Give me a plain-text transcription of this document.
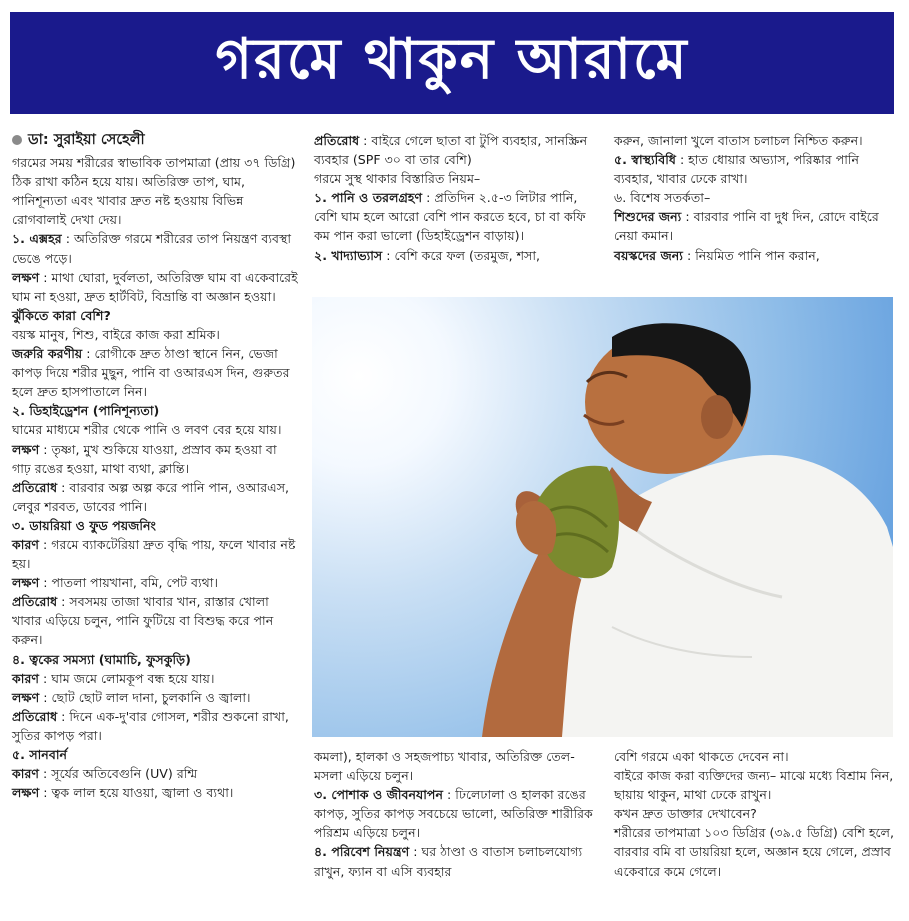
গরমে থাকুন আরামে

ডা: সুরাইয়া সেহেলী

গরমের সময় শরীরের স্বাভাবিক তাপমাত্রা (প্রায় ৩৭ ডিগ্রি) ঠিক রাখা কঠিন হয়ে যায়। অতিরিক্ত তাপ, ঘাম, পানিশূন্যতা এবং খাবার দ্রুত নষ্ট হওয়ায় বিভিন্ন রোগবালাই দেখা দেয়।

১. এক্সহর : অতিরিক্ত গরমে শরীরের তাপ নিয়ন্ত্রণ ব্যবস্থা ভেঙে পড়ে।

লক্ষণ : মাথা ঘোরা, দুর্বলতা, অতিরিক্ত ঘাম বা একেবারেই ঘাম না হওয়া, দ্রুত হার্টবিট, বিভ্রান্তি বা অজ্ঞান হওয়া।

ঝুঁকিতে কারা বেশি?

বয়স্ক মানুষ, শিশু, বাইরে কাজ করা শ্রমিক।

জরুরি করণীয় : রোগীকে দ্রুত ঠাণ্ডা স্থানে নিন, ভেজা কাপড় দিয়ে শরীর মুছুন, পানি বা ওআরএস দিন, গুরুতর হলে দ্রুত হাসপাতালে নিন।

২. ডিহাইড্রেশন (পানিশূন্যতা)

ঘামের মাধ্যমে শরীর থেকে পানি ও লবণ বের হয়ে যায়।

লক্ষণ : তৃষ্ণা, মুখ শুকিয়ে যাওয়া, প্রস্রাব কম হওয়া বা গাঢ় রঙের হওয়া, মাথা ব্যথা, ক্লান্তি।

প্রতিরোধ : বারবার অল্প অল্প করে পানি পান, ওআরএস, লেবুর শরবত, ডাবের পানি।

৩. ডায়রিয়া ও ফুড পয়জনিং

কারণ : গরমে ব্যাকটেরিয়া দ্রুত বৃদ্ধি পায়, ফলে খাবার নষ্ট হয়।

লক্ষণ : পাতলা পায়খানা, বমি, পেট ব্যথা।

প্রতিরোধ : সবসময় তাজা খাবার খান, রাস্তার খোলা খাবার এড়িয়ে চলুন, পানি ফুটিয়ে বা বিশুদ্ধ করে পান করুন।

৪. ত্বকের সমস্যা (ঘামাচি, ফুসকুড়ি)

কারণ : ঘাম জমে লোমকূপ বন্ধ হয়ে যায়।

লক্ষণ : ছোট ছোট লাল দানা, চুলকানি ও জ্বালা।

প্রতিরোধ : দিনে এক-দু'বার গোসল, শরীর শুকনো রাখা, সুতির কাপড় পরা।

৫. সানবার্ন

কারণ : সূর্যের অতিবেগুনি (UV) রশ্মি

লক্ষণ : ত্বক লাল হয়ে যাওয়া, জ্বালা ও ব্যথা।

প্রতিরোধ : বাইরে গেলে ছাতা বা টুপি ব্যবহার, সানস্ক্রিন ব্যবহার (SPF ৩০ বা তার বেশি)

গরমে সুস্থ থাকার বিস্তারিত নিয়ম–

১. পানি ও তরলগ্রহণ : প্রতিদিন ২.৫-৩ লিটার পানি, বেশি ঘাম হলে আরো বেশি পান করতে হবে, চা বা কফি কম পান করা ভালো (ডিহাইড্রেশন বাড়ায়)।

২. খাদ্যাভ্যাস : বেশি করে ফল (তরমুজ, শসা,

করুন, জানালা খুলে বাতাস চলাচল নিশ্চিত করুন।

৫. স্বাস্থ্যবিধি : হাত ধোয়ার অভ্যাস, পরিষ্কার পানি ব্যবহার, খাবার ঢেকে রাখা।

৬. বিশেষ সতর্কতা–

শিশুদের জন্য : বারবার পানি বা দুধ দিন, রোদে বাইরে নেয়া কমান।

বয়স্কদের জন্য : নিয়মিত পানি পান করান,

কমলা), হালকা ও সহজপাচ্য খাবার, অতিরিক্ত তেল-মসলা এড়িয়ে চলুন।

৩. পোশাক ও জীবনযাপন : ঢিলেঢালা ও হালকা রঙের কাপড়, সুতির কাপড় সবচেয়ে ভালো, অতিরিক্ত শারীরিক পরিশ্রম এড়িয়ে চলুন।

৪. পরিবেশ নিয়ন্ত্রণ : ঘর ঠাণ্ডা ও বাতাস চলাচলযোগ্য রাখুন, ফ্যান বা এসি ব্যবহার

বেশি গরমে একা থাকতে দেবেন না।

বাইরে কাজ করা ব্যক্তিদের জন্য– মাঝে মধ্যে বিশ্রাম নিন, ছায়ায় থাকুন, মাথা ঢেকে রাখুন।

কখন দ্রুত ডাক্তার দেখাবেন?

শরীরের তাপমাত্রা ১০৩ ডিগ্রির (৩৯.৫ ডিগ্রি) বেশি হলে, বারবার বমি বা ডায়রিয়া হলে, অজ্ঞান হয়ে গেলে, প্রস্রাব একেবারে কমে গেলে।
